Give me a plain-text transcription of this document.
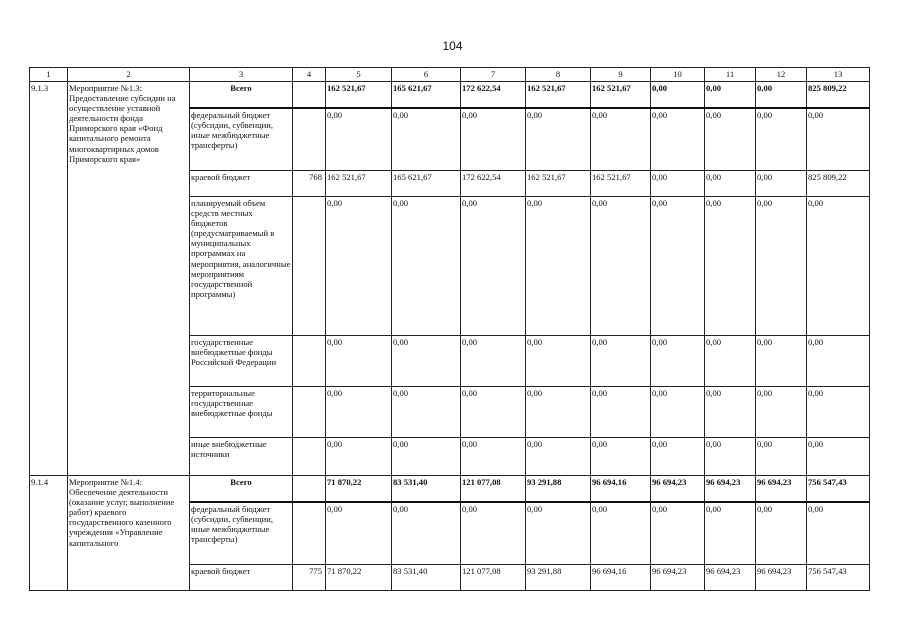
104
1	2	3	4	5	6	7	8	9	10	11	12	13
9.1.3	Мероприятие №1.3: Предоставление субсидии на осуществление уставной деятельности фонда Приморского края «Фонд капитального ремонта многоквартирных домов Приморского края»	Всего		162 521,67	165 621,67	172 622,54	162 521,67	162 521,67	0,00	0,00	0,00	825 809,22
		федеральный бюджет (субсидии, субвенции, иные межбюджетные трансферты)		0,00	0,00	0,00	0,00	0,00	0,00	0,00	0,00	0,00
		краевой бюджет	768	162 521,67	165 621,67	172 622,54	162 521,67	162 521,67	0,00	0,00	0,00	825 809,22
		планируемый объем средств местных бюджетов (предусматриваемый в муниципальных программах на мероприятия, аналогичные мероприятиям государственной программы)		0,00	0,00	0,00	0,00	0,00	0,00	0,00	0,00	0,00
		государственные внебюджетные фонды Российской Федерации		0,00	0,00	0,00	0,00	0,00	0,00	0,00	0,00	0,00
		территориальные государственные внебюджетные фонды		0,00	0,00	0,00	0,00	0,00	0,00	0,00	0,00	0,00
		иные внебюджетные источники		0,00	0,00	0,00	0,00	0,00	0,00	0,00	0,00	0,00
9.1.4	Мероприятие №1.4: Обеспечение деятельности (оказание услуг, выполнение работ) краевого государственного казенного учреждения «Управление капитального	Всего		71 870,22	83 531,40	121 077,08	93 291,88	96 694,16	96 694,23	96 694,23	96 694,23	756 547,43
		федеральный бюджет (субсидии, субвенции, иные межбюджетные трансферты)		0,00	0,00	0,00	0,00	0,00	0,00	0,00	0,00	0,00
		краевой бюджет	775	71 870,22	83 531,40	121 077,08	93 291,88	96 694,16	96 694,23	96 694,23	96 694,23	756 547,43
